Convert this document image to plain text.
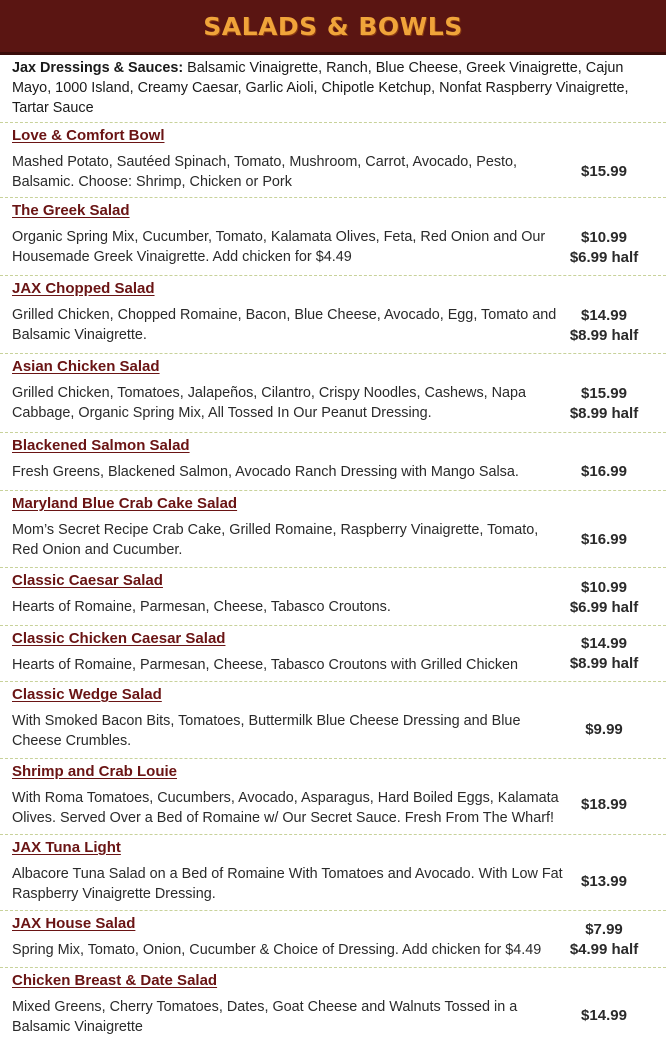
SALADS & BOWLS
Jax Dressings & Sauces: Balsamic Vinaigrette, Ranch, Blue Cheese, Greek Vinaigrette, Cajun Mayo, 1000 Island, Creamy Caesar, Garlic Aioli, Chipotle Ketchup, Nonfat Raspberry Vinaigrette, Tartar Sauce
Love & Comfort Bowl
Mashed Potato, Sautéed Spinach, Tomato, Mushroom, Carrot, Avocado, Pesto, Balsamic. Choose: Shrimp, Chicken or Pork
$15.99
The Greek Salad
Organic Spring Mix, Cucumber, Tomato, Kalamata Olives, Feta, Red Onion and Our Housemade Greek Vinaigrette. Add chicken for $4.49
$10.99
$6.99 half
JAX Chopped Salad
Grilled Chicken, Chopped Romaine, Bacon, Blue Cheese, Avocado, Egg, Tomato and Balsamic Vinaigrette.
$14.99
$8.99 half
Asian Chicken Salad
Grilled Chicken, Tomatoes, Jalapeños, Cilantro, Crispy Noodles, Cashews, Napa Cabbage, Organic Spring Mix, All Tossed In Our Peanut Dressing.
$15.99
$8.99 half
Blackened Salmon Salad
Fresh Greens, Blackened Salmon, Avocado Ranch Dressing with Mango Salsa.	$16.99
Maryland Blue Crab Cake Salad
Mom’s Secret Recipe Crab Cake, Grilled Romaine, Raspberry Vinaigrette, Tomato, Red Onion and Cucumber.
$16.99
Classic Caesar Salad
Hearts of Romaine, Parmesan, Cheese, Tabasco Croutons.
$10.99
$6.99 half
Classic Chicken Caesar Salad
Hearts of Romaine, Parmesan, Cheese, Tabasco Croutons with Grilled Chicken
$14.99
$8.99 half
Classic Wedge Salad
With Smoked Bacon Bits, Tomatoes, Buttermilk Blue Cheese Dressing and Blue Cheese Crumbles.
$9.99
Shrimp and Crab Louie
With Roma Tomatoes, Cucumbers, Avocado, Asparagus, Hard Boiled Eggs, Kalamata Olives. Served Over a Bed of Romaine w/ Our Secret Sauce. Fresh From The Wharf!
$18.99
JAX Tuna Light
Albacore Tuna Salad on a Bed of Romaine With Tomatoes and Avocado. With Low Fat Raspberry Vinaigrette Dressing.
$13.99
JAX House Salad
Spring Mix, Tomato, Onion, Cucumber & Choice of Dressing. Add chicken for $4.49
$7.99
$4.99 half
Chicken Breast & Date Salad
Mixed Greens, Cherry Tomatoes, Dates, Goat Cheese and Walnuts Tossed in a Balsamic Vinaigrette
$14.99
